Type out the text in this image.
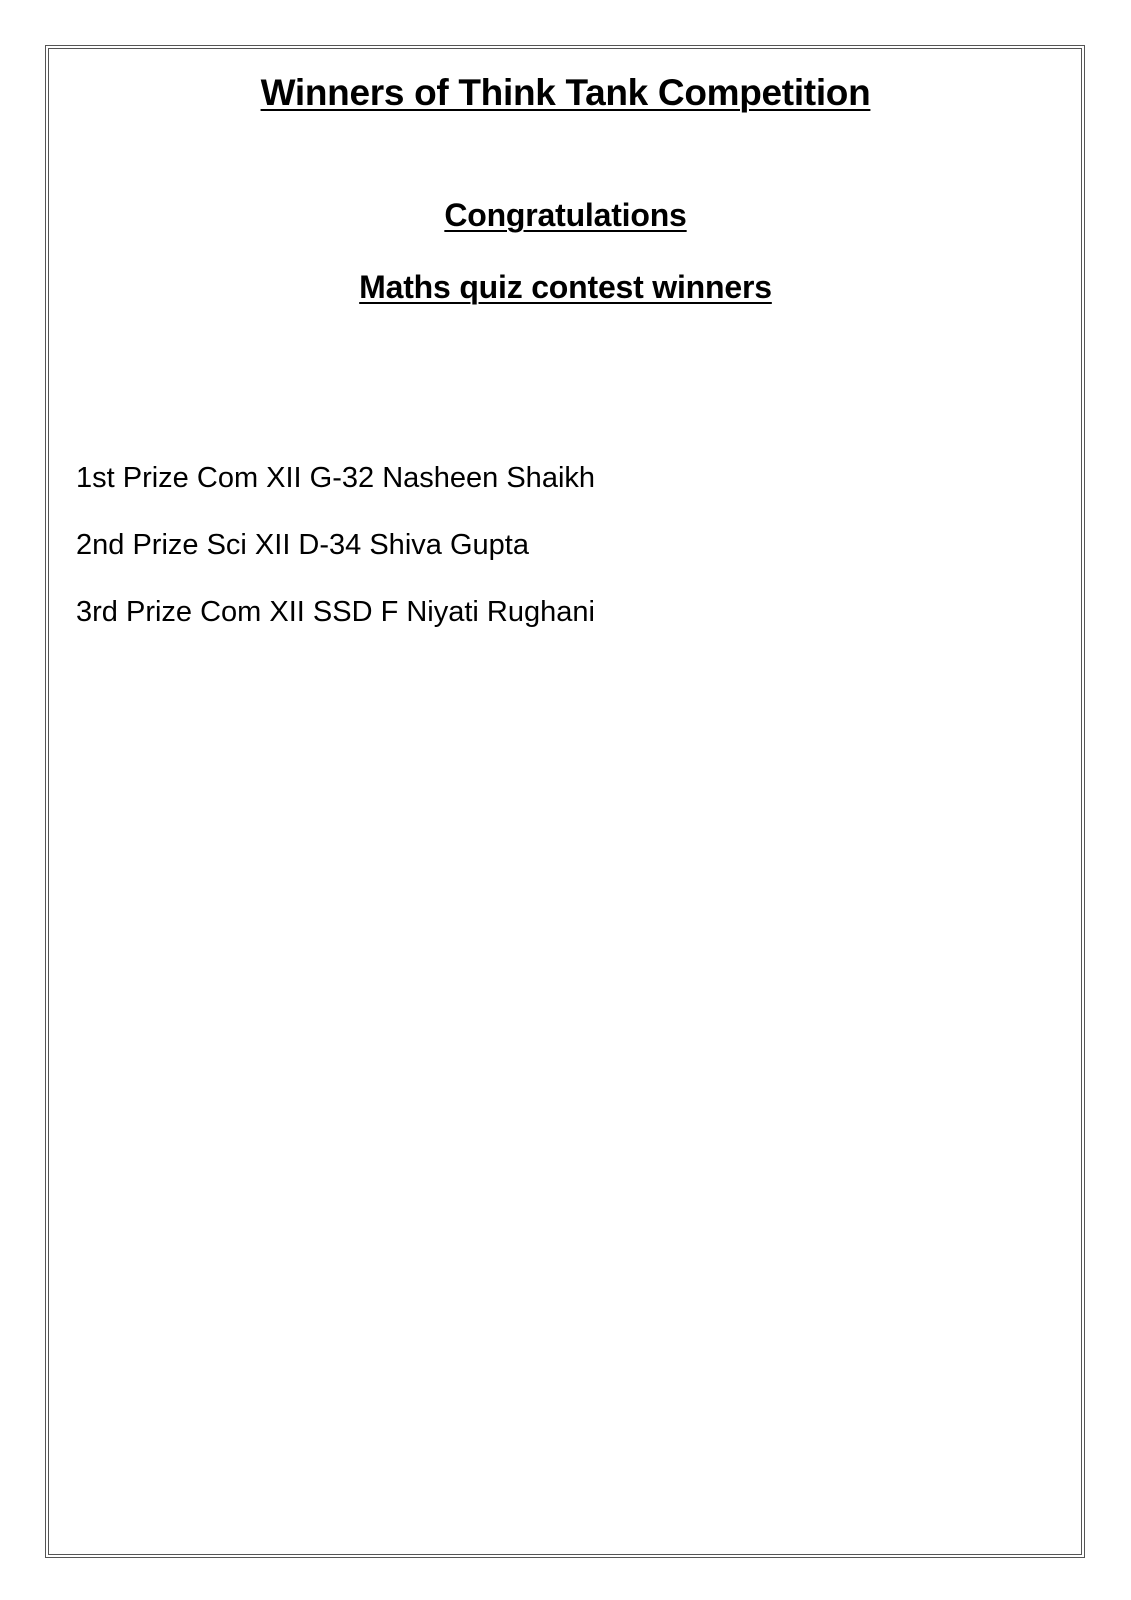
Winners of Think Tank Competition
Congratulations
Maths quiz contest winners
1st Prize Com XII G-32 Nasheen Shaikh
2nd Prize Sci XII D-34 Shiva Gupta
3rd Prize Com XII SSD F Niyati Rughani
